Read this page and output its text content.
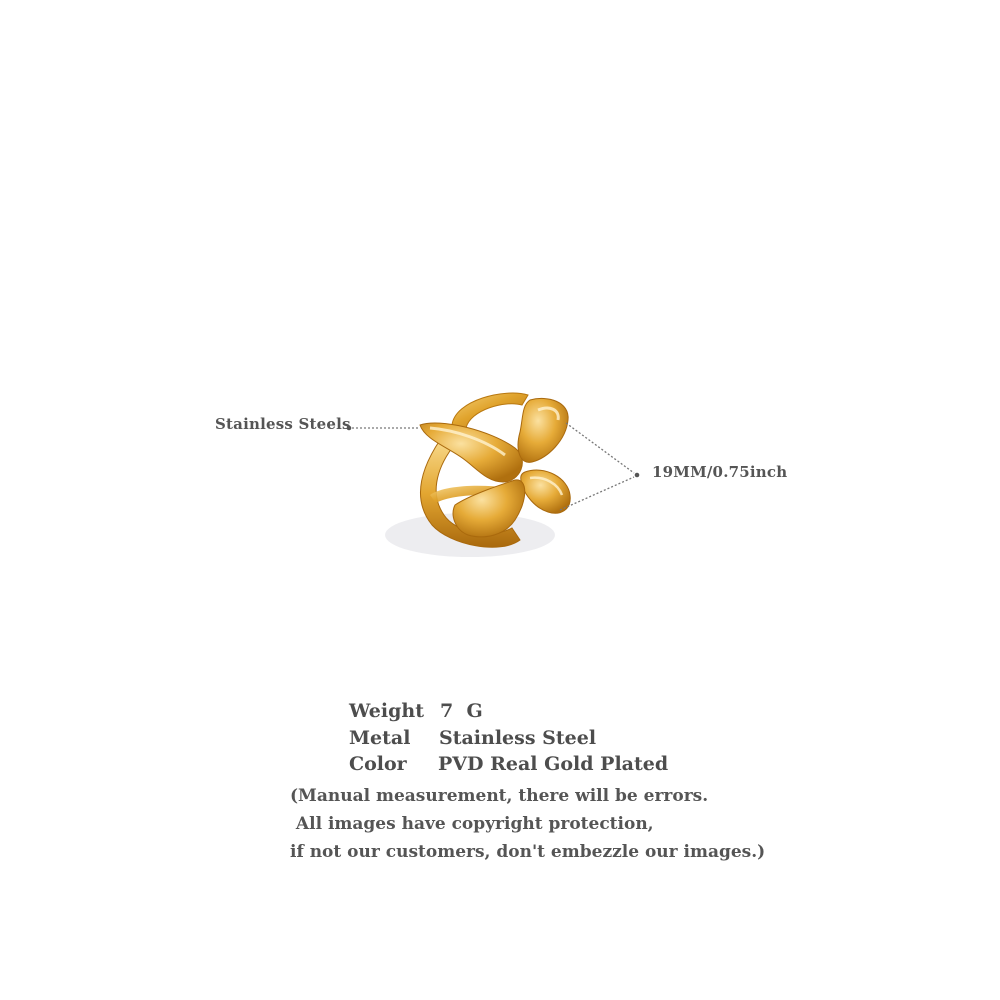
Stainless Steels
19MM/0.75inch
Weight 7  G
Metal Stainless Steel
Color PVD Real Gold Plated
(Manual measurement, there will be errors.
All images have copyright protection,
if not our customers, don't embezzle our images.)
